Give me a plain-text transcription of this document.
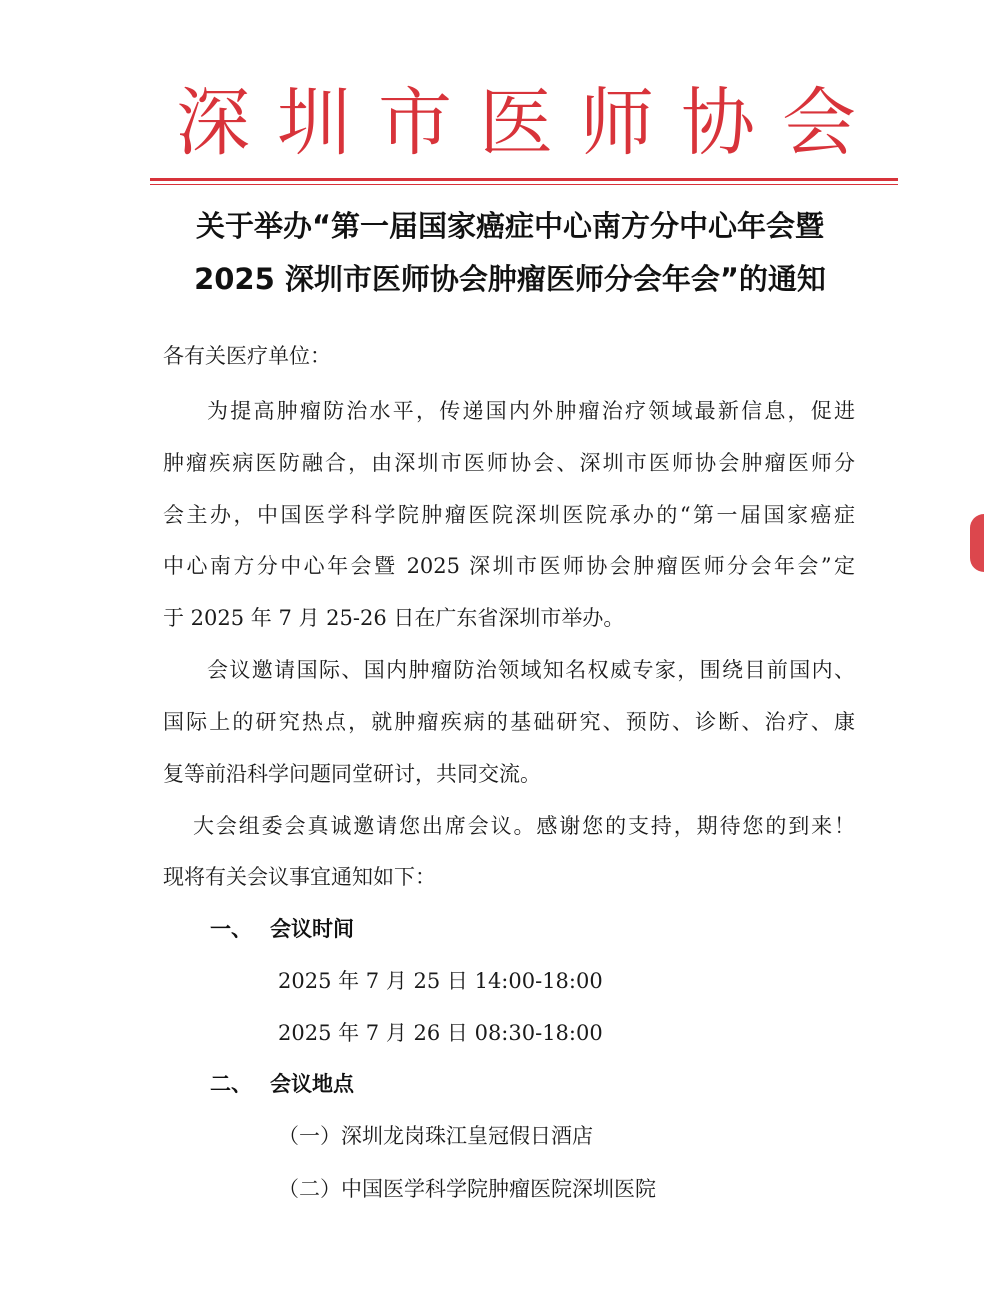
深 圳 市 医 师 协 会
关于举办“第一届国家癌症中心南方分中心年会暨
2025 深圳市医师协会肿瘤医师分会年会”的通知
各有关医疗单位：
为提高肿瘤防治水平，传递国内外肿瘤治疗领域最新信息，促进
肿瘤疾病医防融合，由深圳市医师协会、深圳市医师协会肿瘤医师分
会主办，中国医学科学院肿瘤医院深圳医院承办的“第一届国家癌症
中心南方分中心年会暨 2025 深圳市医师协会肿瘤医师分会年会”定
于 2025 年 7 月 25-26 日在广东省深圳市举办。
会议邀请国际、国内肿瘤防治领域知名权威专家，围绕目前国内、
国际上的研究热点，就肿瘤疾病的基础研究、预防、诊断、治疗、康
复等前沿科学问题同堂研讨，共同交流。
大会组委会真诚邀请您出席会议。感谢您的支持，期待您的到来！
现将有关会议事宜通知如下：
一、 会议时间
2025 年 7 月 25 日 14:00-18:00
2025 年 7 月 26 日 08:30-18:00
二、 会议地点
（一）深圳龙岗珠江皇冠假日酒店
（二）中国医学科学院肿瘤医院深圳医院
